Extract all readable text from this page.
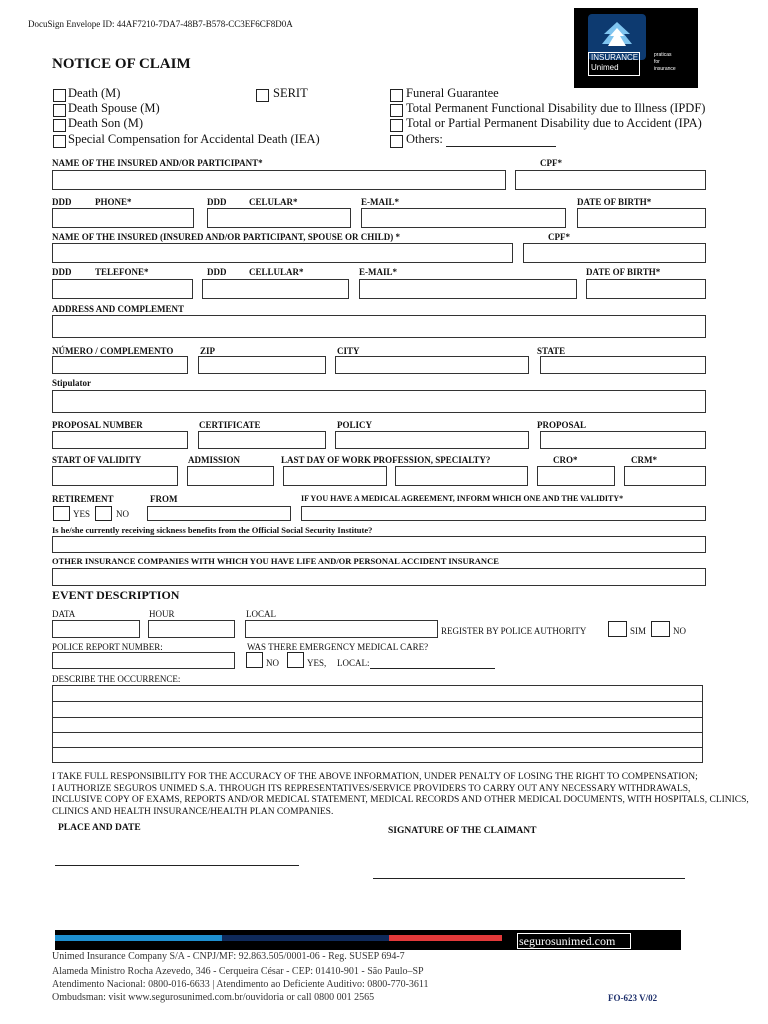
DocuSign Envelope ID: 44AF7210-7DA7-48B7-B578-CC3EF6CF8D0A
NOTICE OF CLAIM	INSURANCE
Unimed
praticas
for
insurance
Death (M)
Death Spouse (M)
Death Son (M)
Special Compensation for Accidental Death (IEA)
SERIT	Funeral Guarantee
Total Permanent Functional Disability due to Illness (IPDF)
Total or Partial Permanent Disability due to Accident (IPA)
Others:
NAME OF THE INSURED AND/OR PARTICIPANT*	CPF*
DDD	PHONE*	DDD	CELULAR*	E-MAIL*	DATE OF BIRTH*
NAME OF THE INSURED (INSURED AND/OR PARTICIPANT, SPOUSE OR CHILD) *	CPF*
DDD	TELEFONE*	DDD	CELLULAR*	E-MAIL*	DATE OF BIRTH*
ADDRESS AND COMPLEMENT
NÚMERO / COMPLEMENTO	ZIP	CITY	STATE
Stipulator
PROPOSAL NUMBER	CERTIFICATE	POLICY	PROPOSAL
START OF VALIDITY	ADMISSION	LAST DAY OF WORK PROFESSION, SPECIALTY?	CRO*	CRM*
RETIREMENT	FROM	IF YOU HAVE A MEDICAL AGREEMENT, INFORM WHICH ONE AND THE VALIDITY*
YES	NO
Is he/she currently receiving sickness benefits from the Official Social Security Institute?
OTHER INSURANCE COMPANIES WITH WHICH YOU HAVE LIFE AND/OR PERSONAL ACCIDENT INSURANCE
EVENT DESCRIPTION
DATA	HOUR	LOCAL
REGISTER BY POLICE AUTHORITY	SIM	NO
POLICE REPORT NUMBER:	WAS THERE EMERGENCY MEDICAL CARE?
NO	YES, LOCAL:
DESCRIBE THE OCCURRENCE:
I TAKE FULL RESPONSIBILITY FOR THE ACCURACY OF THE ABOVE INFORMATION, UNDER PENALTY OF LOSING THE RIGHT TO COMPENSATION;
I AUTHORIZE SEGUROS UNIMED S.A. THROUGH ITS REPRESENTATIVES/SERVICE PROVIDERS TO CARRY OUT ANY NECESSARY WITHDRAWALS,
INCLUSIVE COPY OF EXAMS, REPORTS AND/OR MEDICAL STATEMENT, MEDICAL RECORDS AND OTHER MEDICAL DOCUMENTS, WITH HOSPITALS, CLINICS,
CLINICS AND HEALTH INSURANCE/HEALTH PLAN COMPANIES.
PLACE AND DATE	SIGNATURE OF THE CLAIMANT
segurosunimed.com
Unimed Insurance Company S/A - CNPJ/MF: 92.863.505/0001-06 - Reg. SUSEP 694-7
Alameda Ministro Rocha Azevedo, 346 - Cerqueira César - CEP: 01410-901 - São Paulo–SP
Atendimento Nacional: 0800-016-6633 | Atendimento ao Deficiente Auditivo: 0800-770-3611
Ombudsman: visit www.segurosunimed.com.br/ouvidoria or call 0800 001 2565	FO-623 V/02
